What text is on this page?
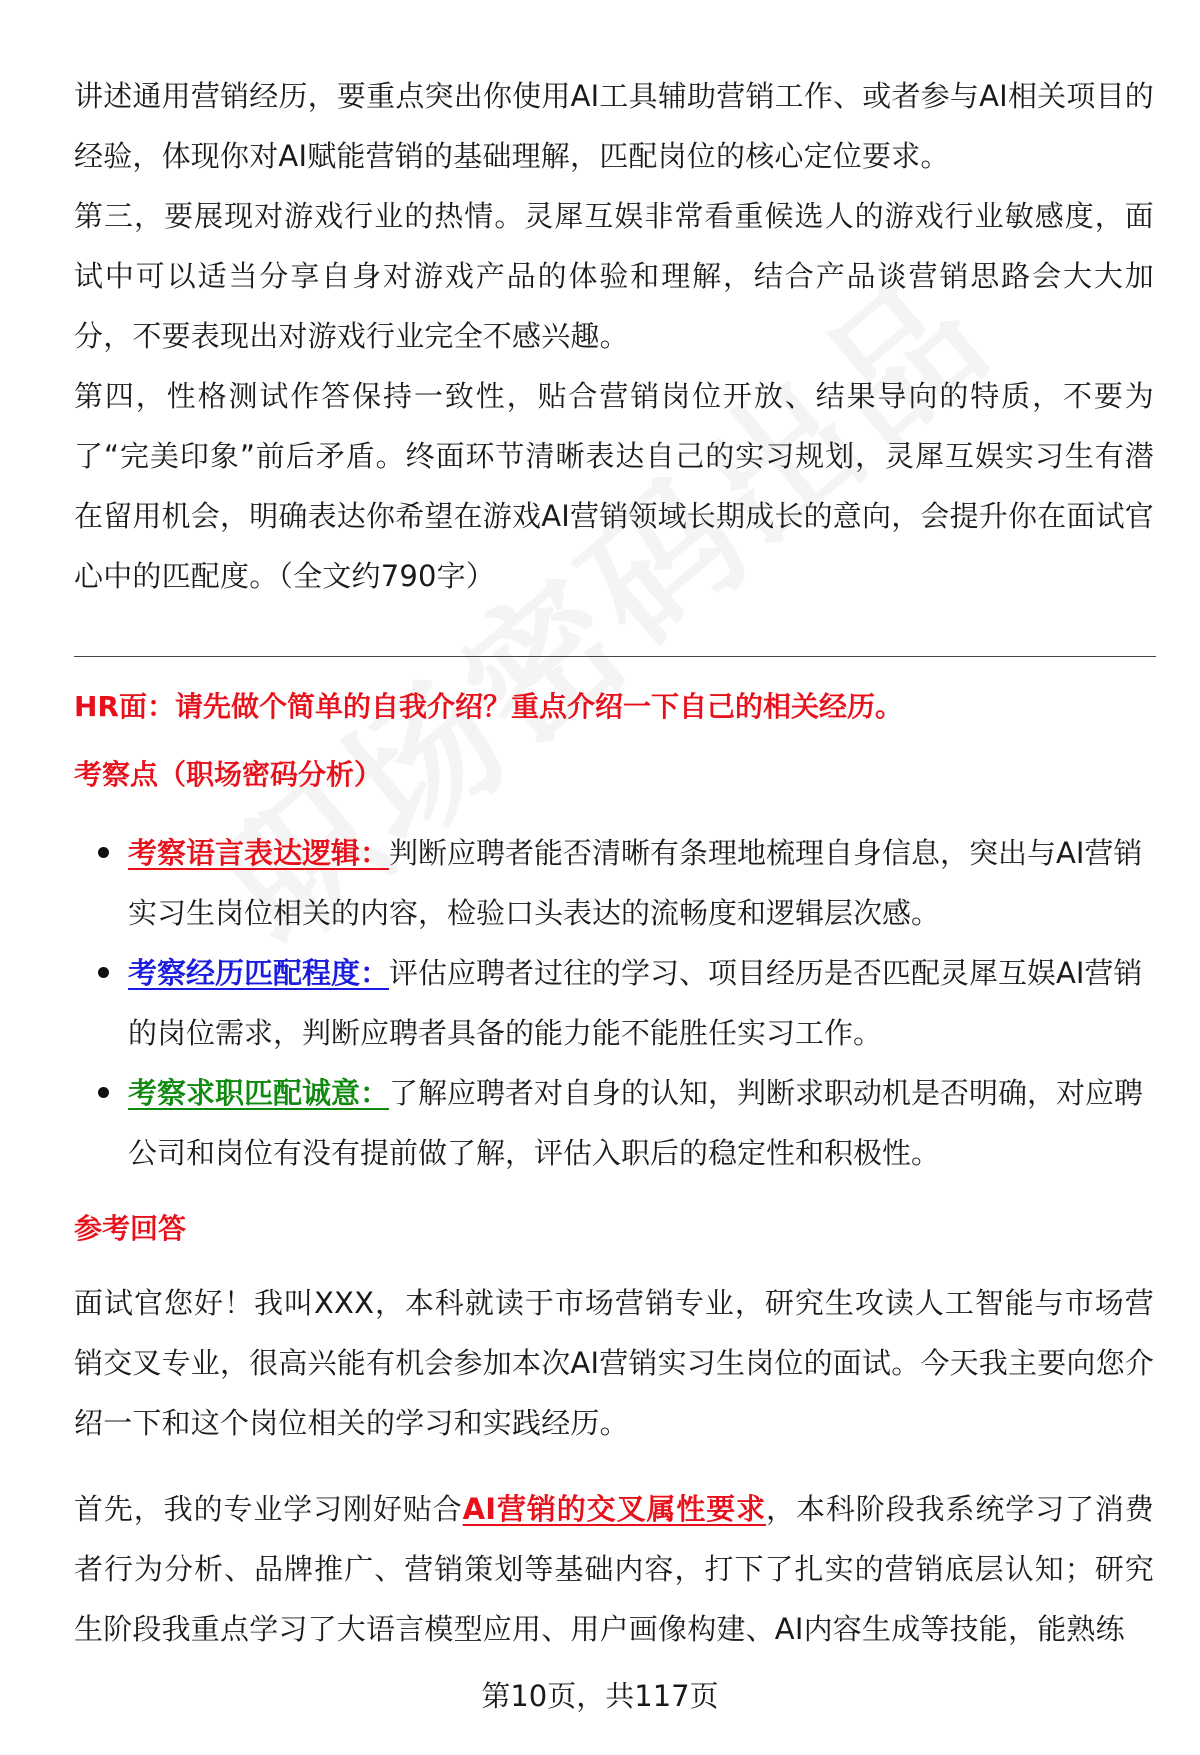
讲述通用营销经历，要重点突出你使用AI工具辅助营销工作、或者参与AI相关项目的经验，体现你对AI赋能营销的基础理解，匹配岗位的核心定位要求。

第三，要展现对游戏行业的热情。灵犀互娱非常看重候选人的游戏行业敏感度，面试中可以适当分享自身对游戏产品的体验和理解，结合产品谈营销思路会大大加分，不要表现出对游戏行业完全不感兴趣。

第四，性格测试作答保持一致性，贴合营销岗位开放、结果导向的特质，不要为了“完美印象”前后矛盾。终面环节清晰表达自己的实习规划，灵犀互娱实习生有潜在留用机会，明确表达你希望在游戏AI营销领域长期成长的意向，会提升你在面试官心中的匹配度。（全文约790字）

HR面：请先做个简单的自我介绍？重点介绍一下自己的相关经历。
考察点（职场密码分析）
考察语言表达逻辑：判断应聘者能否清晰有条理地梳理自身信息，突出与AI营销实习生岗位相关的内容，检验口头表达的流畅度和逻辑层次感。
考察经历匹配程度：评估应聘者过往的学习、项目经历是否匹配灵犀互娱AI营销的岗位需求，判断应聘者具备的能力能不能胜任实习工作。
考察求职匹配诚意：了解应聘者对自身的认知，判断求职动机是否明确，对应聘公司和岗位有没有提前做了解，评估入职后的稳定性和积极性。
参考回答

面试官您好！我叫XXX，本科就读于市场营销专业，研究生攻读人工智能与市场营销交叉专业，很高兴能有机会参加本次AI营销实习生岗位的面试。今天我主要向您介绍一下和这个岗位相关的学习和实践经历。

首先，我的专业学习刚好贴合AI营销的交叉属性要求，本科阶段我系统学习了消费者行为分析、品牌推广、营销策划等基础内容，打下了扎实的营销底层认知；研究生阶段我重点学习了大语言模型应用、用户画像构建、AI内容生成等技能，能熟练

第10页，共117页
